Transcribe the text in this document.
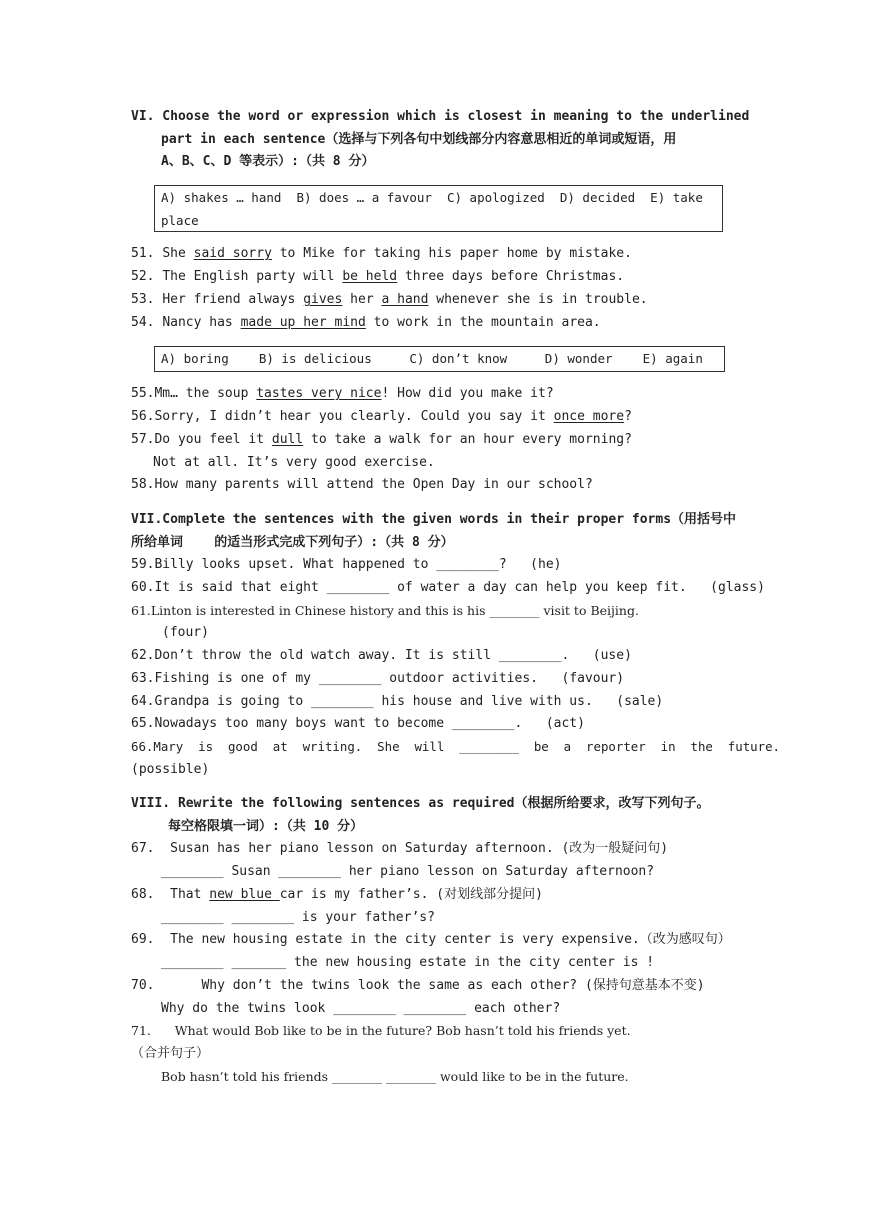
VI. Choose the word or expression which is closest in meaning to the underlined
part in each sentence（选择与下列各句中划线部分内容意思相近的单词或短语，用
A、B、C、D 等表示）:（共 8 分）
A) shakes … hand  B) does … a favour  C) apologized  D) decided  E) take
place
51. She said sorry to Mike for taking his paper home by mistake.
52. The English party will be held three days before Christmas.
53. Her friend always gives her a hand whenever she is in trouble.
54. Nancy has made up her mind to work in the mountain area.
A) boring    B) is delicious     C) don’t know     D) wonder    E) again
55.Mm… the soup tastes very nice! How did you make it?
56.Sorry, I didn’t hear you clearly. Could you say it once more?
57.Do you feel it dull to take a walk for an hour every morning?
Not at all. It’s very good exercise.
58.How many parents will attend the Open Day in our school?
VII.Complete the sentences with the given words in their proper forms（用括号中
所给单词    的适当形式完成下列句子）:（共 8 分）
59.Billy looks upset. What happened to ________?   (he)
60.It is said that eight ________ of water a day can help you keep fit.   (glass)
61.Linton is interested in Chinese history and this is his ________ visit to Beijing.
(four)
62.Don’t throw the old watch away. It is still ________.   (use)
63.Fishing is one of my ________ outdoor activities.   (favour)
64.Grandpa is going to ________ his house and live with us.   (sale)
65.Nowadays too many boys want to become ________.   (act)
66.Mary  is  good  at  writing.  She  will  ________  be  a  reporter  in  the  future.
(possible)
VIII. Rewrite the following sentences as required（根据所给要求，改写下列句子。
每空格限填一词）:（共 10 分）
67.  Susan has her piano lesson on Saturday afternoon. (改为一般疑问句)
________ Susan ________ her piano lesson on Saturday afternoon?
68.  That new blue car is my father’s. (对划线部分提问)
________ ________ is your father’s?
69.  The new housing estate in the city center is very expensive.（改为感叹句）
________ _______ the new housing estate in the city center is !
70.      Why don’t the twins look the same as each other? (保持句意基本不变)
Why do the twins look ________ ________ each other?
71.      What would Bob like to be in the future? Bob hasn’t told his friends yet.
（合并句子）
Bob hasn’t told his friends ________ ________ would like to be in the future.
